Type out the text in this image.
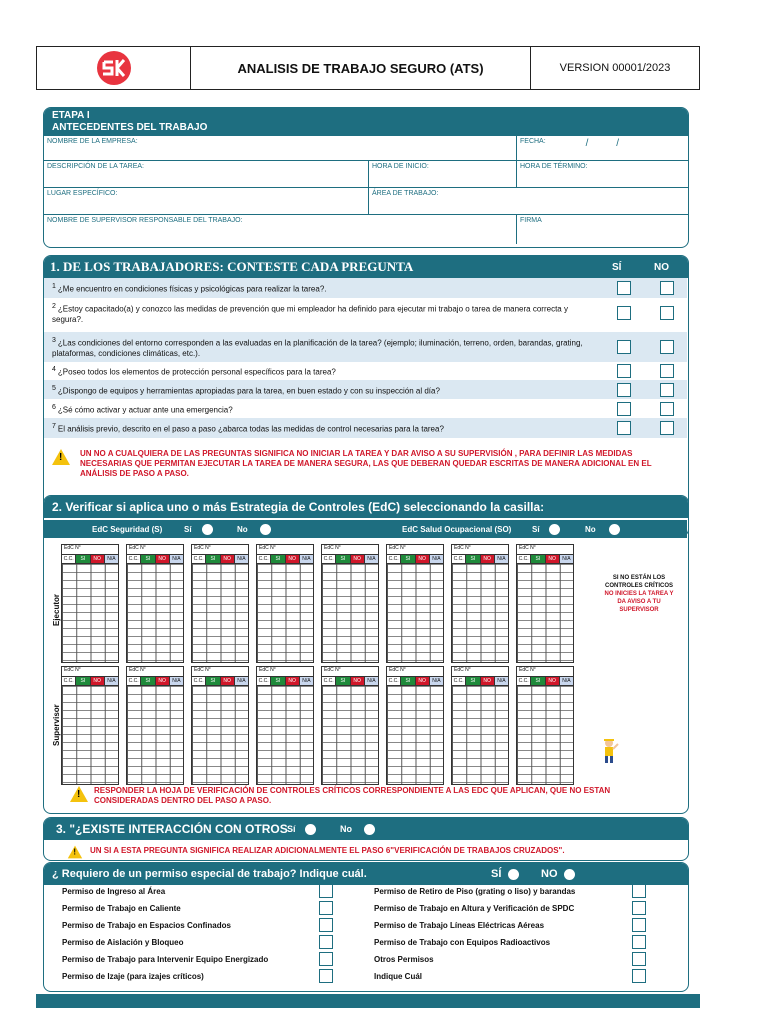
ANALISIS DE TRABAJO SEGURO (ATS)	VERSION 00001/2023
ETAPA I
ANTECEDENTES DEL TRABAJO
NOMBRE DE LA EMPRESA:	FECHA:	/          /
DESCRIPCIÓN DE LA TAREA:	HORA DE INICIO:	HORA DE TÉRMINO:
LUGAR ESPECÍFICO:	ÁREA DE TRABAJO:
NOMBRE DE SUPERVISOR RESPONSABLE DEL TRABAJO:	FIRMA
1. DE LOS TRABAJADORES: CONTESTE CADA PREGUNTA	SÍ	NO
1 ¿Me encuentro en condiciones físicas y psicológicas para realizar la tarea?.
2 ¿Estoy capacitado(a) y conozco las medidas de prevención que mi empleador ha definido para ejecutar mi trabajo o tarea de manera correcta y segura?.
3 ¿Las condiciones del entorno corresponden a las evaluadas en la planificación de la tarea? (ejemplo; iluminación, terreno, orden, barandas, grating, plataformas, condiciones climáticas, etc.).
4 ¿Poseo todos los elementos de protección personal específicos para la tarea?
5 ¿Dispongo de equipos y herramientas apropiadas para la tarea, en buen estado y con su inspección al día?
6 ¿Sé cómo activar y actuar ante una emergencia?
7 El análisis previo, descrito en el paso a paso ¿abarca todas las medidas de control necesarias para la tarea?
!
UN NO A CUALQUIERA DE LAS PREGUNTAS SIGNIFICA NO INICIAR LA TAREA Y DAR AVISO A SU SUPERVISIÓN , PARA DEFINIR LAS MEDIDAS NECESARIAS QUE PERMITAN EJECUTAR LA TAREA DE MANERA SEGURA, LAS QUE DEBERAN QUEDAR ESCRITAS DE MANERA ADICIONAL EN EL ANÁLISIS DE PASO A PASO.
2. Verificar si aplica uno o más Estrategia de Controles (EdC) seleccionando la casilla:
EdC Seguridad (S)	Sí	No	EdC Salud Ocupacional (SO)	Sí	No
Ejecutor
Supervisor
EdC N°
C.C.	SI	NO	N/A
EdC N°
C.C.	SI	NO	N/A
EdC N°
C.C.	SI	NO	N/A
EdC N°
C.C.	SI	NO	N/A
EdC N°
C.C.	SI	NO	N/A
EdC N°
C.C.	SI	NO	N/A
EdC N°
C.C.	SI	NO	N/A
EdC N°
C.C.	SI	NO	N/A
EdC N°
C.C.	SI	NO	N/A
EdC N°
C.C.	SI	NO	N/A
EdC N°
C.C.	SI	NO	N/A
EdC N°
C.C.	SI	NO	N/A
EdC N°
C.C.	SI	NO	N/A
EdC N°
C.C.	SI	NO	N/A
EdC N°
C.C.	SI	NO	N/A
EdC N°
C.C.	SI	NO	N/A
SI NO ESTÁN LOS CONTROLES CRÍTICOS
NO INICIES LA TAREA Y DA AVISO A TU SUPERVISOR
!
RESPONDER LA HOJA DE VERIFICACIÓN DE CONTROLES CRÍTICOS CORRESPONDIENTE A LAS EDC QUE APLICAN, QUE NO ESTAN CONSIDERADAS DENTRO DEL PASO A PASO.
3. "¿EXISTE INTERACCIÓN CON OTROS Sí	No
!
UN SI A ESTA PREGUNTA SIGNIFICA REALIZAR ADICIONALMENTE EL PASO 6"VERIFICACIÓN DE TRABAJOS CRUZADOS".
¿ Requiero de un permiso especial de trabajo? Indique cuál.	SÍ	NO
Permiso de Ingreso al Área
Permiso de Trabajo en Caliente
Permiso de Trabajo en Espacios Confinados
Permiso de Aislación y Bloqueo
Permiso de Trabajo para Intervenir Equipo Energizado
Permiso de Izaje (para izajes críticos)
Permiso de Retiro de Piso (grating o liso) y barandas
Permiso de Trabajo en Altura y Verificación de SPDC
Permiso de Trabajo Líneas Eléctricas Aéreas
Permiso de Trabajo con Equipos Radioactivos
Otros Permisos
Indique Cuál
